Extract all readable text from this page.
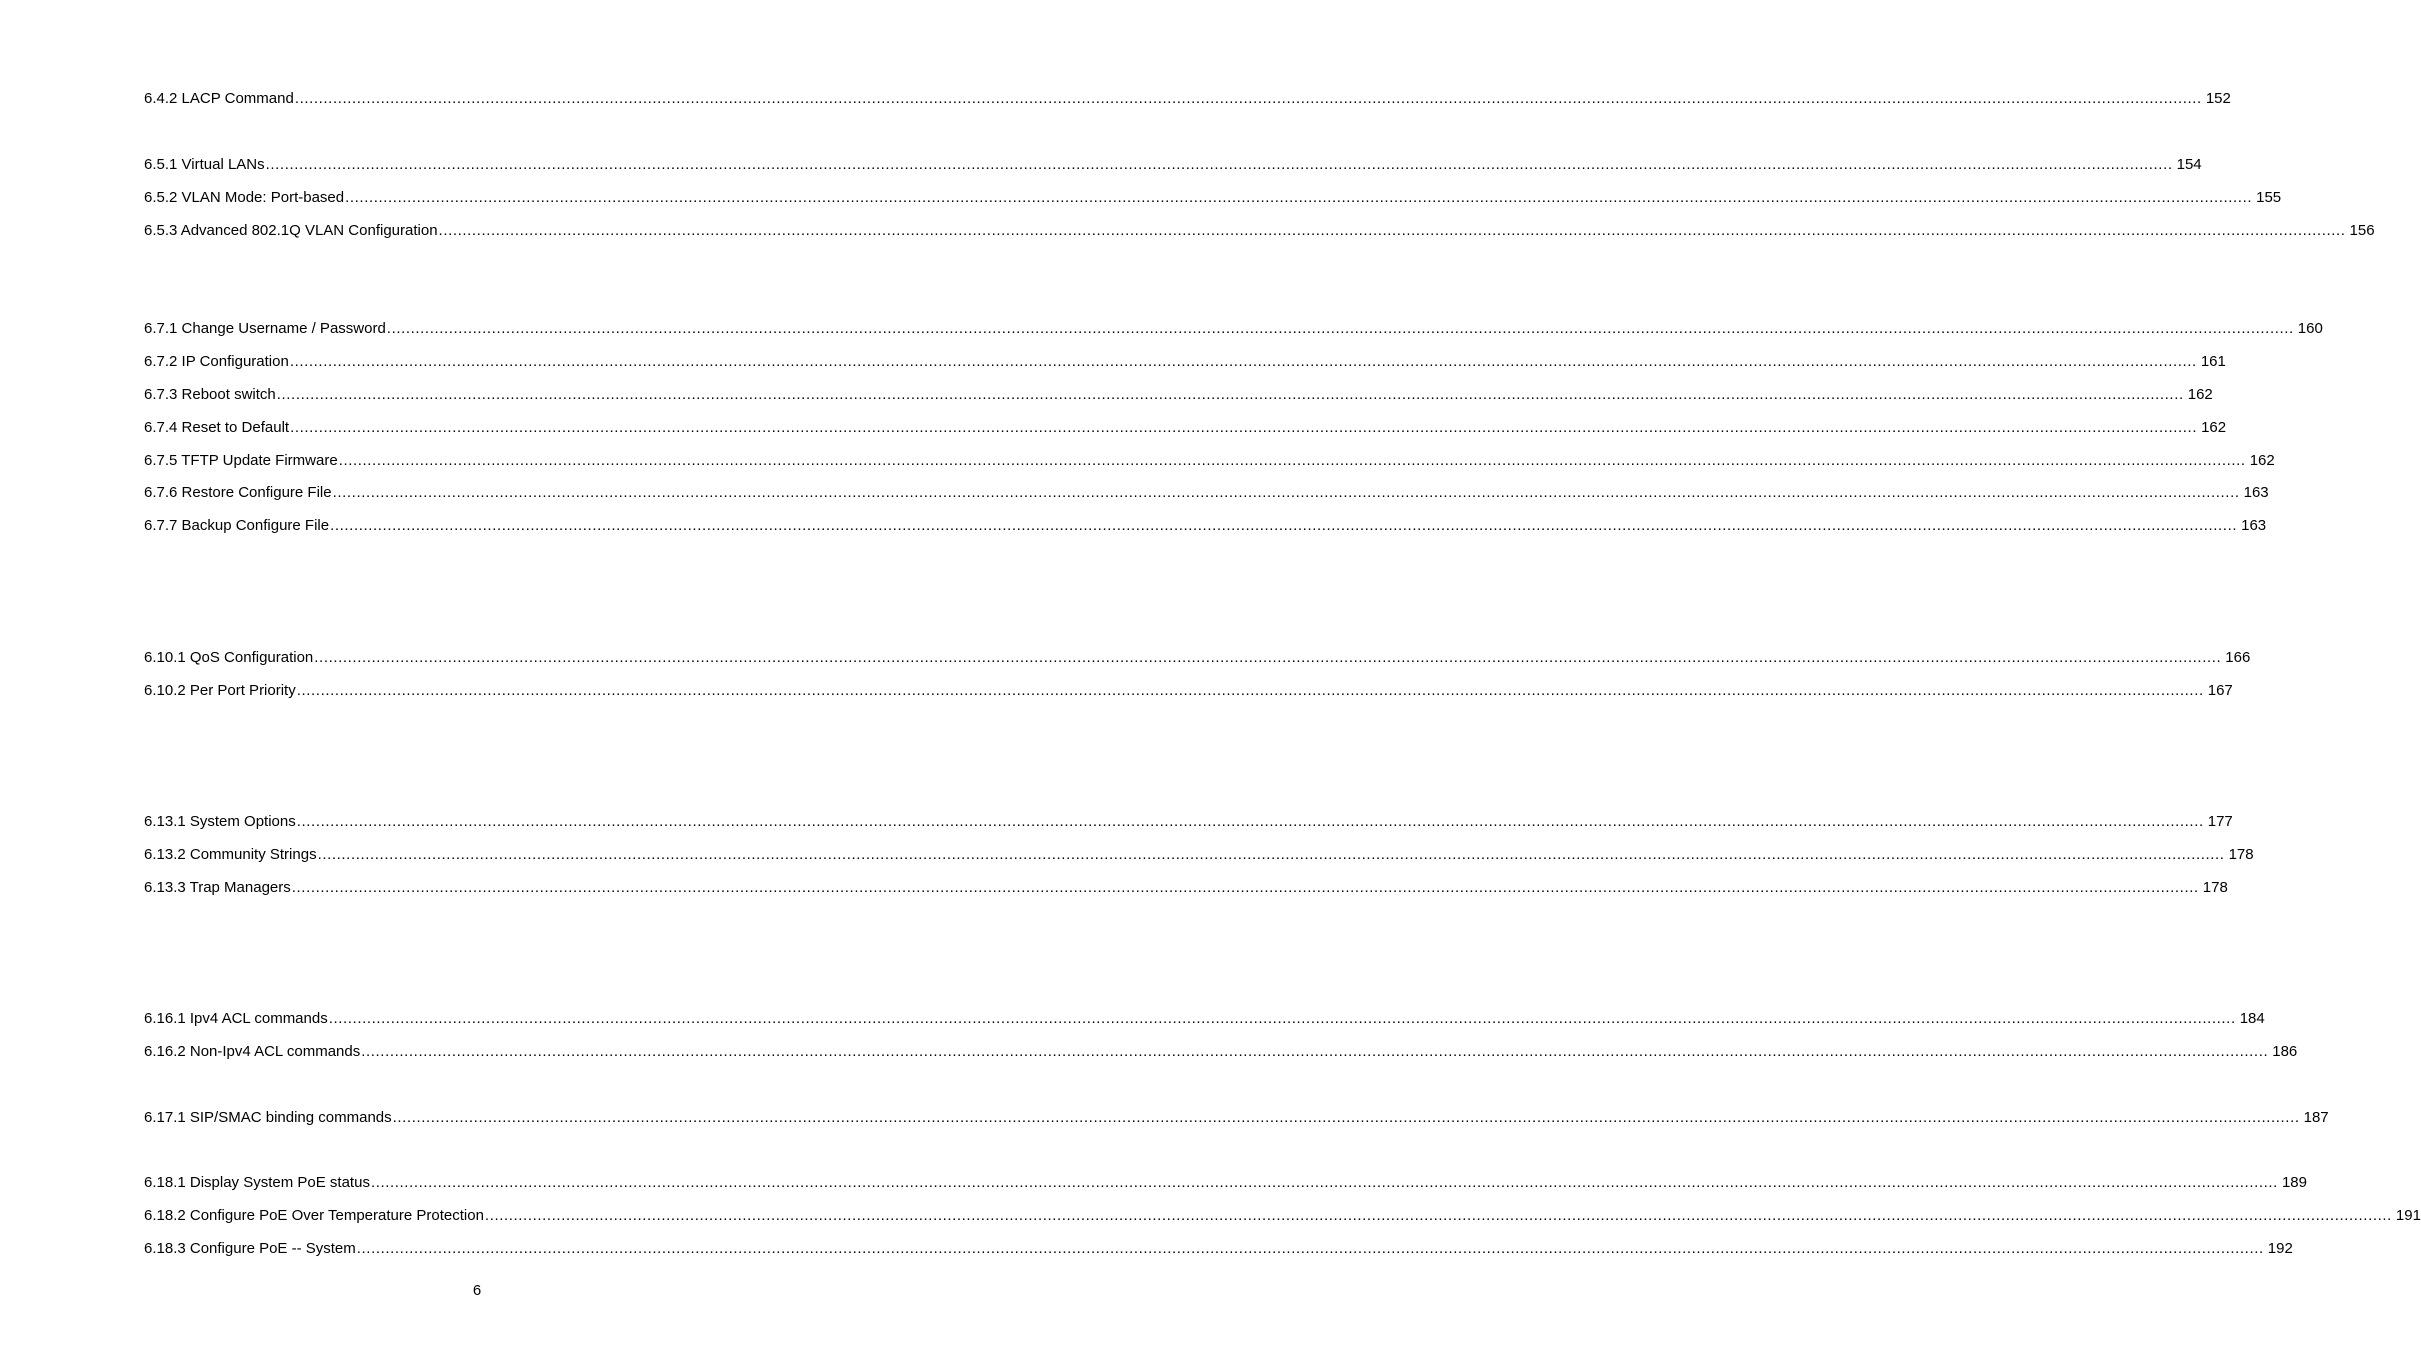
6.4.2 LACP Command ................................................................................................................................................................................................................................................................................................................................................................................................................ 152
6.5.1 Virtual LANs ................................................................................................................................................................................................................................................................................................................................................................................................................ 154
6.5.2 VLAN Mode: Port-based ................................................................................................................................................................................................................................................................................................................................................................................................................ 155
6.5.3 Advanced 802.1Q VLAN Configuration ................................................................................................................................................................................................................................................................................................................................................................................................................ 156
6.7.1 Change Username / Password ................................................................................................................................................................................................................................................................................................................................................................................................................ 160
6.7.2 IP Configuration ................................................................................................................................................................................................................................................................................................................................................................................................................ 161
6.7.3 Reboot switch ................................................................................................................................................................................................................................................................................................................................................................................................................ 162
6.7.4 Reset to Default ................................................................................................................................................................................................................................................................................................................................................................................................................ 162
6.7.5 TFTP Update Firmware ................................................................................................................................................................................................................................................................................................................................................................................................................ 162
6.7.6 Restore Configure File ................................................................................................................................................................................................................................................................................................................................................................................................................ 163
6.7.7 Backup Configure File ................................................................................................................................................................................................................................................................................................................................................................................................................ 163
6.10.1 QoS Configuration ................................................................................................................................................................................................................................................................................................................................................................................................................ 166
6.10.2 Per Port Priority ................................................................................................................................................................................................................................................................................................................................................................................................................ 167
6.13.1 System Options ................................................................................................................................................................................................................................................................................................................................................................................................................ 177
6.13.2 Community Strings ................................................................................................................................................................................................................................................................................................................................................................................................................ 178
6.13.3 Trap Managers ................................................................................................................................................................................................................................................................................................................................................................................................................ 178
6.16.1 Ipv4 ACL commands ................................................................................................................................................................................................................................................................................................................................................................................................................ 184
6.16.2 Non-Ipv4 ACL commands ................................................................................................................................................................................................................................................................................................................................................................................................................ 186
6.17.1 SIP/SMAC binding commands ................................................................................................................................................................................................................................................................................................................................................................................................................ 187
6.18.1 Display System PoE status ................................................................................................................................................................................................................................................................................................................................................................................................................ 189
6.18.2 Configure PoE Over Temperature Protection ................................................................................................................................................................................................................................................................................................................................................................................................................ 191
6.18.3 Configure PoE -- System ................................................................................................................................................................................................................................................................................................................................................................................................................ 192
6
